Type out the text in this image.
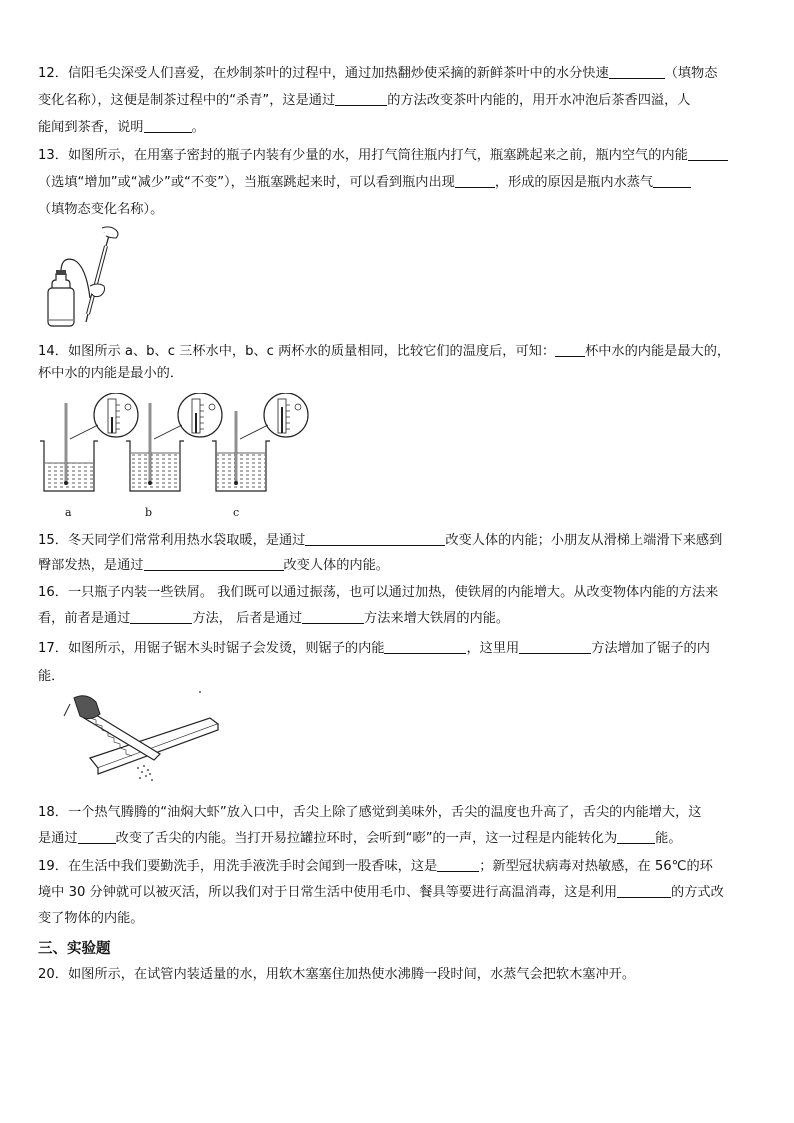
12．信阳毛尖深受人们喜爱，在炒制茶叶的过程中，通过加热翻炒使采摘的新鲜茶叶中的水分快速	（填物态
变化名称），这便是制茶过程中的“杀青”，这是通过	的方法改变茶叶内能的，用开水冲泡后茶香四溢，人
能闻到茶香，说明	。
13．如图所示，在用塞子密封的瓶子内装有少量的水，用打气筒往瓶内打气，瓶塞跳起来之前，瓶内空气的内能
（选填“增加”或“减少”或“不变”），当瓶塞跳起来时，可以看到瓶内出现	，形成的原因是瓶内水蒸气
（填物态变化名称）。
14．如图所示 a、b、c 三杯水中，b、c 两杯水的质量相同，比较它们的温度后，可知： 杯中水的内能是最大的，
杯中水的内能是最小的．
a	b	c
15．冬天同学们常常利用热水袋取暖，是通过	改变人体的内能；小朋友从滑梯上端滑下来感到
臀部发热，是通过	改变人体的内能。
16．一只瓶子内装一些铁屑。 我们既可以通过振荡，也可以通过加热，使铁屑的内能增大。从改变物体内能的方法来
看，前者是通过	方法， 后者是通过	方法来增大铁屑的内能。
17．如图所示，用锯子锯木头时锯子会发烫，则锯子的内能	，这里用	方法增加了锯子的内
能．
18．一个热气腾腾的“油焖大虾”放入口中，舌尖上除了感觉到美味外，舌尖的温度也升高了，舌尖的内能增大，这
是通过	改变了舌尖的内能。当打开易拉罐拉环时，会听到“嘭”的一声，这一过程是内能转化为	能。
19．在生活中我们要勤洗手，用洗手液洗手时会闻到一股香味，这是	；新型冠状病毒对热敏感，在 56℃的环
境中 30 分钟就可以被灭活，所以我们对于日常生活中使用毛巾、餐具等要进行高温消毒，这是利用	的方式改
变了物体的内能。
三、实验题
20．如图所示，在试管内装适量的水，用软木塞塞住加热使水沸腾一段时间，水蒸气会把软木塞冲开。
